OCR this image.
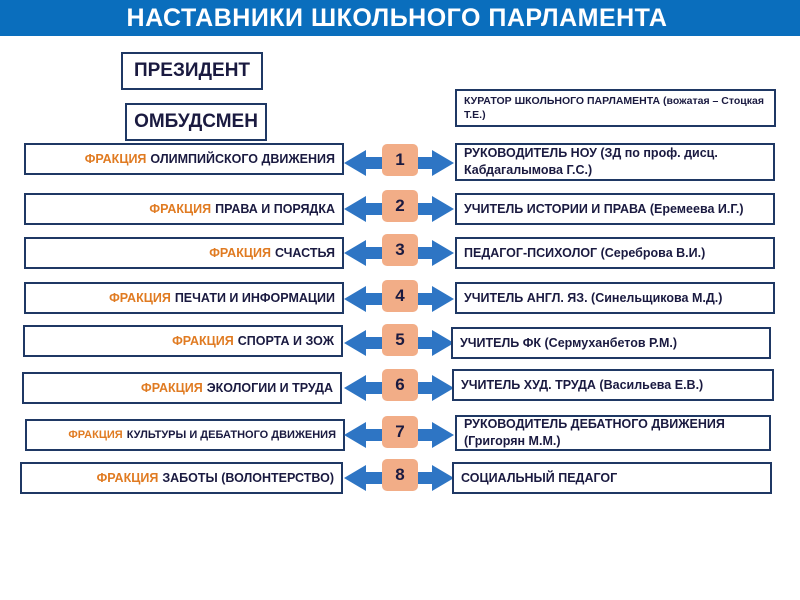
НАСТАВНИКИ ШКОЛЬНОГО ПАРЛАМЕНТА
ПРЕЗИДЕНТ
ОМБУДСМЕН
КУРАТОР ШКОЛЬНОГО ПАРЛАМЕНТА (вожатая – Стоцкая Т.Е.)
ФРАКЦИЯ ОЛИМПИЙСКОГО ДВИЖЕНИЯ	1	РУКОВОДИТЕЛЬ НОУ (ЗД по проф. дисц. Кабдагалымова Г.С.)
ФРАКЦИЯ ПРАВА И ПОРЯДКА	2	УЧИТЕЛЬ ИСТОРИИ И ПРАВА (Еремеева И.Г.)
ФРАКЦИЯ СЧАСТЬЯ	3	ПЕДАГОГ-ПСИХОЛОГ (Сереброва В.И.)
ФРАКЦИЯ ПЕЧАТИ И ИНФОРМАЦИИ	4	УЧИТЕЛЬ АНГЛ. ЯЗ. (Синельщикова М.Д.)
ФРАКЦИЯ СПОРТА И ЗОЖ	5	УЧИТЕЛЬ ФК (Сермуханбетов Р.М.)
ФРАКЦИЯ ЭКОЛОГИИ И ТРУДА	6	УЧИТЕЛЬ ХУД. ТРУДА (Васильева Е.В.)
ФРАКЦИЯ КУЛЬТУРЫ И ДЕБАТНОГО ДВИЖЕНИЯ	7	РУКОВОДИТЕЛЬ ДЕБАТНОГО ДВИЖЕНИЯ (Григорян М.М.)
ФРАКЦИЯ ЗАБОТЫ (ВОЛОНТЕРСТВО)	8	СОЦИАЛЬНЫЙ ПЕДАГОГ
